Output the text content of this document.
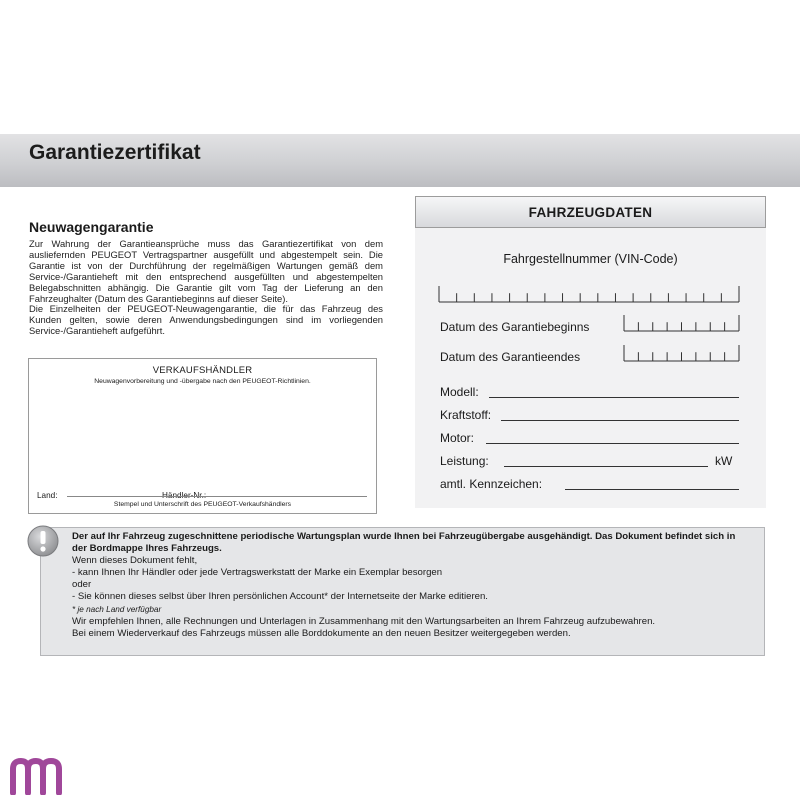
Garantiezertifikat
Neuwagengarantie

Zur Wahrung der Garantieansprüche muss das Garantiezertifikat von dem ausliefernden PEUGEOT Vertragspartner ausgefüllt und abgestempelt sein. Die Garantie ist von der Durchführung der regelmäßigen Wartungen gemäß dem Service-/Garantieheft mit den entsprechend ausgefüllten und abgestempelten Belegabschnitten abhängig. Die Garantie gilt vom Tag der Lieferung an den Fahrzeughalter (Datum des Garantiebeginns auf dieser Seite).

Die Einzelheiten der PEUGEOT-Neuwagengarantie, die für das Fahrzeug des Kunden gelten, sowie deren Anwendungsbedingungen sind im vorliegenden Service-/Garantieheft aufgeführt.

VERKAUFSHÄNDLER
Neuwagenvorbereitung und -übergabe nach den PEUGEOT-Richtlinien.
Land:	Händler-Nr.:
Stempel und Unterschrift des PEUGEOT-Verkaufshändlers
FAHRZEUGDATEN
Fahrgestellnummer (VIN-Code)
Datum des Garantiebeginns
Datum des Garantieendes
Modell:
Kraftstoff:
Motor:
Leistung:	kW
amtl. Kennzeichen:
Der auf Ihr Fahrzeug zugeschnittene periodische Wartungsplan wurde Ihnen bei Fahrzeugübergabe ausgehändigt. Das Dokument befindet sich in der Bordmappe Ihres Fahrzeugs.
Wenn dieses Dokument fehlt,
- kann Ihnen Ihr Händler oder jede Vertragswerkstatt der Marke ein Exemplar besorgen
oder
- Sie können dieses selbst über Ihren persönlichen Account* der Internetseite der Marke editieren.
* je nach Land verfügbar
Wir empfehlen Ihnen, alle Rechnungen und Unterlagen in Zusammenhang mit den Wartungsarbeiten an Ihrem Fahrzeug aufzubewahren.
Bei einem Wiederverkauf des Fahrzeugs müssen alle Borddokumente an den neuen Besitzer weitergegeben werden.
